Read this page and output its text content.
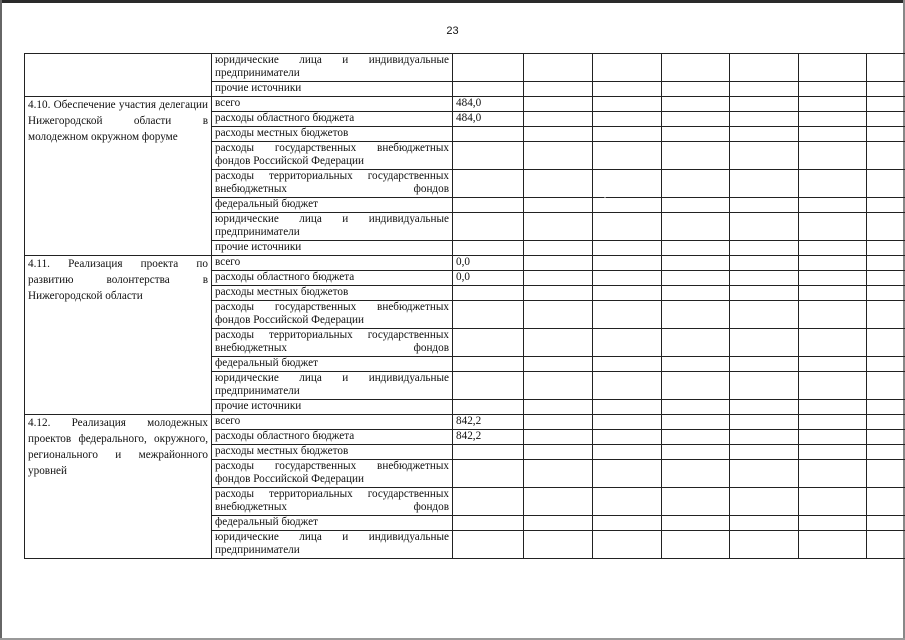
23
	юридические лица и индивидуальные предприниматели							
	прочие источники							
4.10. Обеспечение участия делегации Нижегородской области в молодежном окружном форуме	всего	484,0						
	расходы областного бюджета	484,0						
	расходы местных бюджетов							
	расходы государственных внебюджетных фондов Российской Федерации							
	расходы территориальных государственных внебюджетных фондов							
	федеральный бюджет							
	юридические лица и индивидуальные предприниматели							
	прочие источники							
4.11. Реализация проекта по развитию волонтерства в Нижегородской области	всего	0,0						
	расходы областного бюджета	0,0						
	расходы местных бюджетов							
	расходы государственных внебюджетных фондов Российской Федерации							
	расходы территориальных государственных внебюджетных фондов							
	федеральный бюджет							
	юридические лица и индивидуальные предприниматели							
	прочие источники							
4.12. Реализация молодежных проектов федерального, окружного, регионального и межрайонного уровней	всего	842,2						
	расходы областного бюджета	842,2						
	расходы местных бюджетов							
	расходы государственных внебюджетных фондов Российской Федерации							
	расходы территориальных государственных внебюджетных фондов							
	федеральный бюджет							
	юридические лица и индивидуальные предприниматели							
